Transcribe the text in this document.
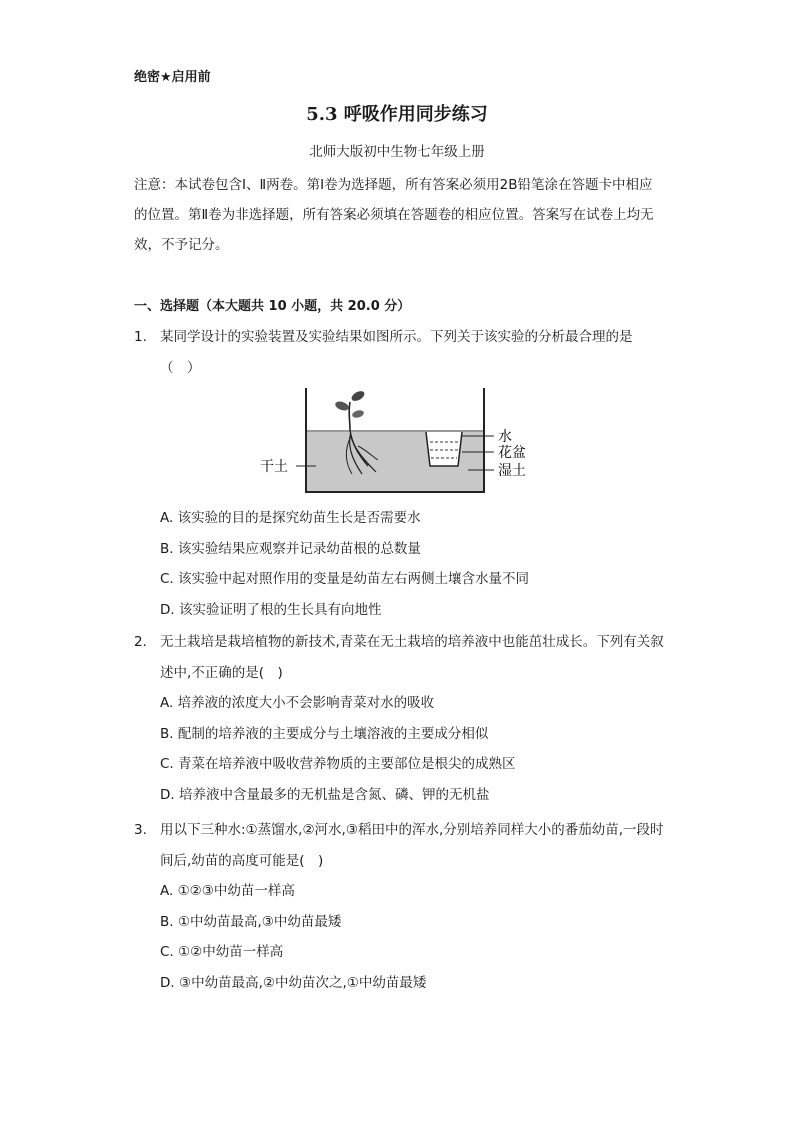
绝密★启用前
5.3 呼吸作用同步练习
北师大版初中生物七年级上册
注意：本试卷包含Ⅰ、Ⅱ两卷。第Ⅰ卷为选择题，所有答案必须用2B铅笔涂在答题卡中相应的位置。第Ⅱ卷为非选择题，所有答案必须填在答题卷的相应位置。答案写在试卷上均无效，不予记分。
一、选择题（本大题共 10 小题，共 20.0 分）
1. 某同学设计的实验装置及实验结果如图所示。下列关于该实验的分析最合理的是（　）
干土
水
花盆
湿土
A. 该实验的目的是探究幼苗生长是否需要水
B. 该实验结果应观察并记录幼苗根的总数量
C. 该实验中起对照作用的变量是幼苗左右两侧土壤含水量不同
D. 该实验证明了根的生长具有向地性
2. 无土栽培是栽培植物的新技术,青菜在无土栽培的培养液中也能茁壮成长。下列有关叙述中,不正确的是(　)
A. 培养液的浓度大小不会影响青菜对水的吸收
B. 配制的培养液的主要成分与土壤溶液的主要成分相似
C. 青菜在培养液中吸收营养物质的主要部位是根尖的成熟区
D. 培养液中含量最多的无机盐是含氮、磷、钾的无机盐
3. 用以下三种水:①蒸馏水,②河水,③稻田中的浑水,分别培养同样大小的番茄幼苗,一段时间后,幼苗的高度可能是(　)
A. ①②③中幼苗一样高
B. ①中幼苗最高,③中幼苗最矮
C. ①②中幼苗一样高
D. ③中幼苗最高,②中幼苗次之,①中幼苗最矮
